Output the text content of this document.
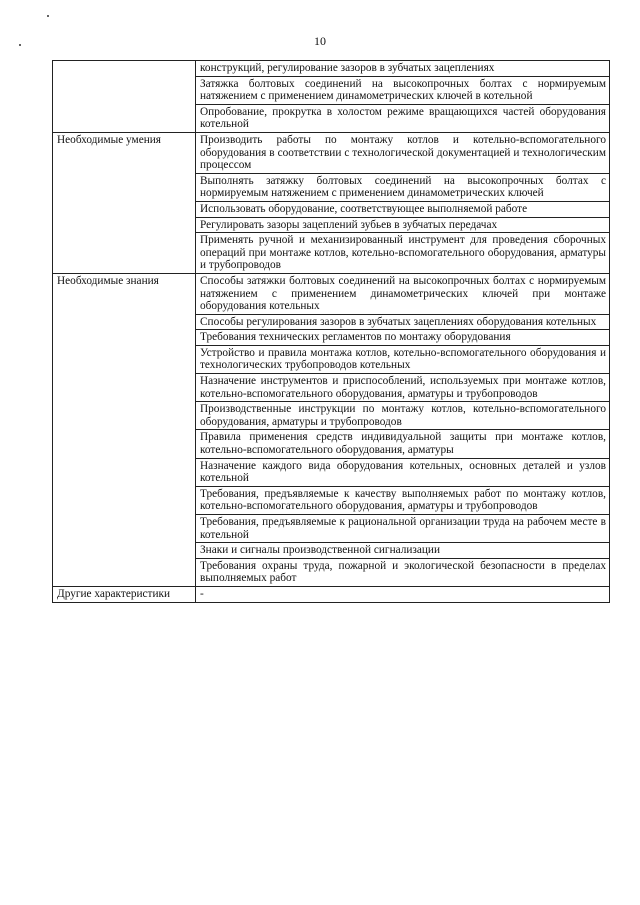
10
	конструкций, регулирование зазоров в зубчатых зацеплениях
	Затяжка болтовых соединений на высокопрочных болтах с нормируемым натяжением с применением динамометрических ключей в котельной
	Опробование, прокрутка в холостом режиме вращающихся частей оборудования котельной
Необходимые умения	Производить работы по монтажу котлов и котельно-вспомогательного оборудования в соответствии с технологической документацией и технологическим процессом
	Выполнять затяжку болтовых соединений на высокопрочных болтах с нормируемым натяжением с применением динамометрических ключей
	Использовать оборудование, соответствующее выполняемой работе
	Регулировать зазоры зацеплений зубьев в зубчатых передачах
	Применять ручной и механизированный инструмент для проведения сборочных операций при монтаже котлов, котельно-вспомогательного оборудования, арматуры и трубопроводов
Необходимые знания	Способы затяжки болтовых соединений на высокопрочных болтах с нормируемым натяжением с применением динамометрических ключей при монтаже оборудования котельных
	Способы регулирования зазоров в зубчатых зацеплениях оборудования котельных
	Требования технических регламентов по монтажу оборудования
	Устройство и правила монтажа котлов, котельно-вспомогательного оборудования и технологических трубопроводов котельных
	Назначение инструментов и приспособлений, используемых при монтаже котлов, котельно-вспомогательного оборудования, арматуры и трубопроводов
	Производственные инструкции по монтажу котлов, котельно-вспомогательного оборудования, арматуры и трубопроводов
	Правила применения средств индивидуальной защиты при монтаже котлов, котельно-вспомогательного оборудования, арматуры
	Назначение каждого вида оборудования котельных, основных деталей и узлов котельной
	Требования, предъявляемые к качеству выполняемых работ по монтажу котлов, котельно-вспомогательного оборудования, арматуры и трубопроводов
	Требования, предъявляемые к рациональной организации труда на рабочем месте в котельной
	Знаки и сигналы производственной сигнализации
	Требования охраны труда, пожарной и экологической безопасности в пределах выполняемых работ
Другие характеристики	-
